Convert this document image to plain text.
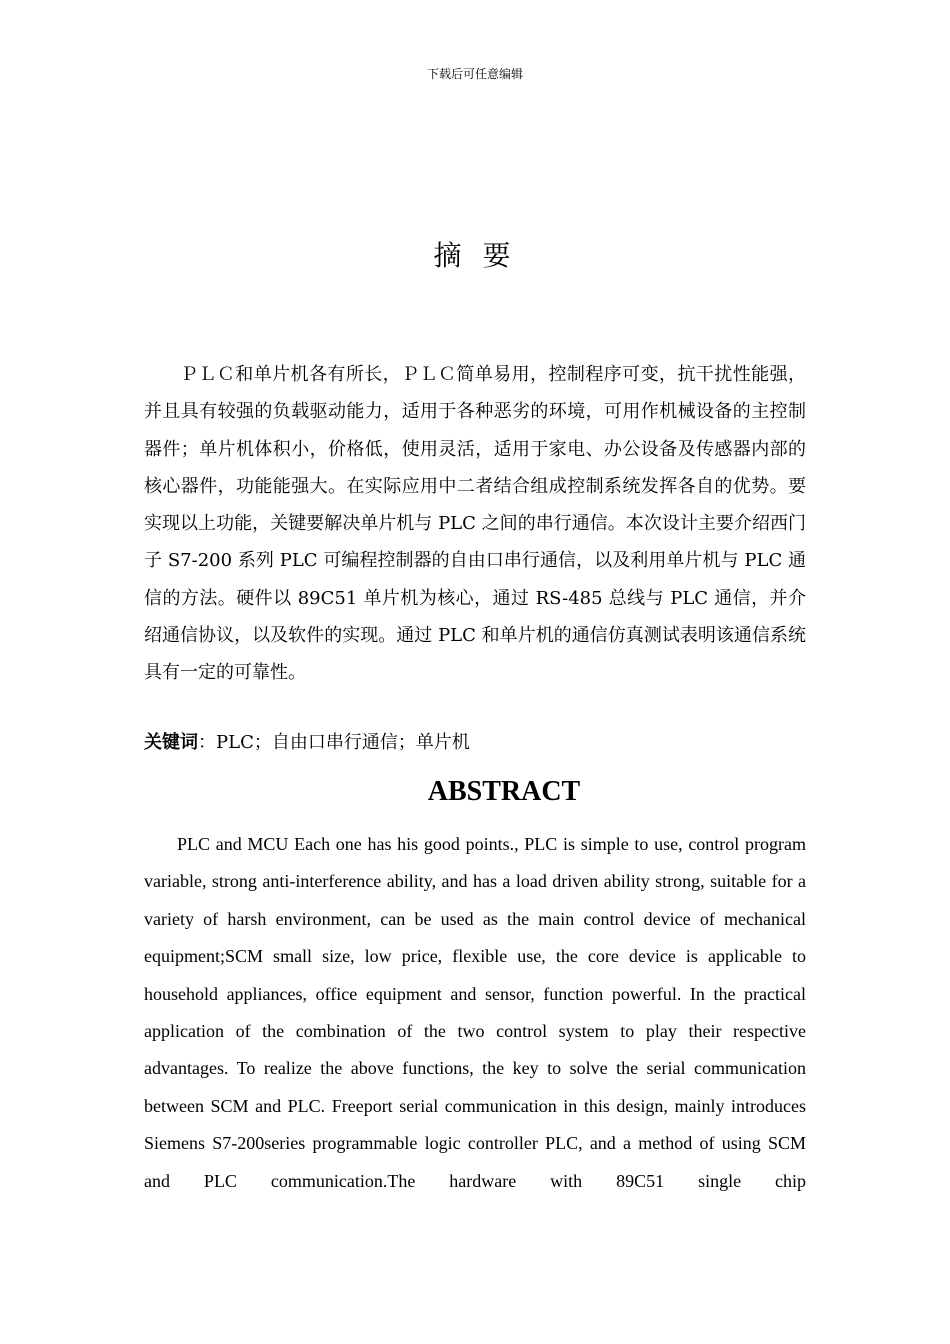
下载后可任意编辑
摘 要

ＰＬＣ和单片机各有所长，ＰＬＣ简单易用，控制程序可变，抗干扰性能强，并且具有较强的负载驱动能力，适用于各种恶劣的环境，可用作机械设备的主控制器件；单片机体积小，价格低，使用灵活，适用于家电、办公设备及传感器内部的核心器件，功能能强大。在实际应用中二者结合组成控制系统发挥各自的优势。要实现以上功能，关键要解决单片机与 PLC 之间的串行通信。本次设计主要介绍西门子 S7-200 系列 PLC 可编程控制器的自由口串行通信，以及利用单片机与 PLC 通信的方法。硬件以 89C51 单片机为核心，通过 RS-485 总线与 PLC 通信，并介绍通信协议，以及软件的实现。通过 PLC 和单片机的通信仿真测试表明该通信系统具有一定的可靠性。

关键词：PLC；自由口串行通信；单片机
ABSTRACT

PLC and MCU Each one has his good points., PLC is simple to use, control program variable, strong anti-interference ability, and has a load driven ability strong, suitable for a variety of harsh environment, can be used as the main control device of mechanical equipment;SCM small size, low price, flexible use, the core device is applicable to household appliances, office equipment and sensor, function powerful. In the practical application of the combination of the two control system to play their respective advantages. To realize the above functions, the key to solve the serial communication between SCM and PLC. Freeport serial communication in this design, mainly introduces Siemens S7-200series programmable logic controller PLC, and a method of using SCM and PLC communication.The hardware with 89C51 single chip
